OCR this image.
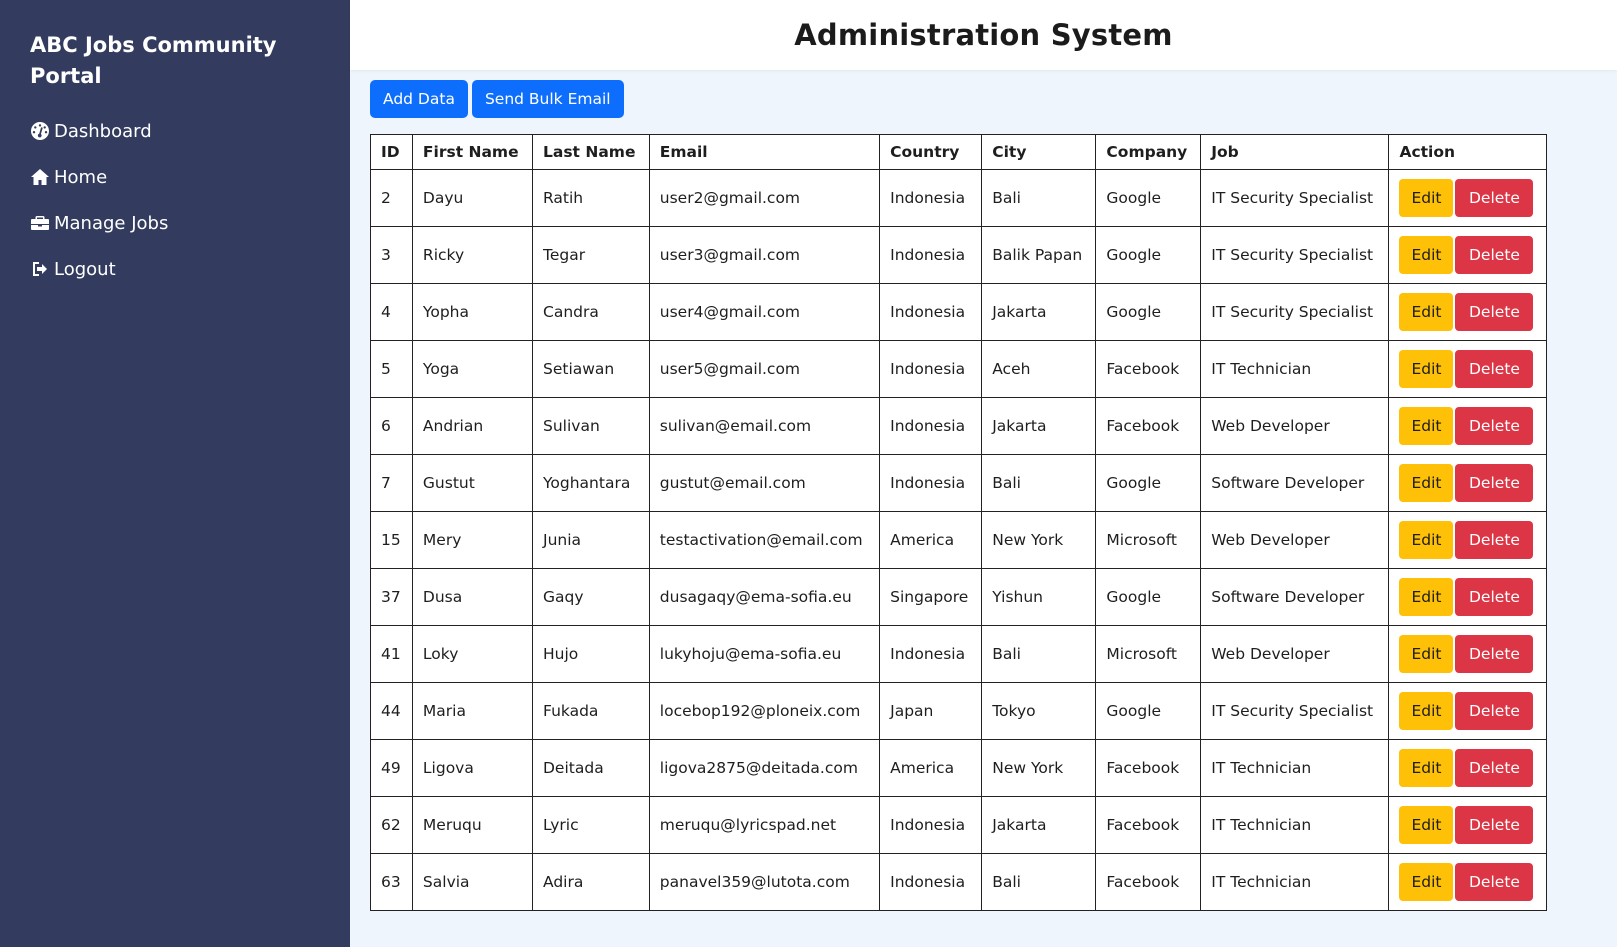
ABC Jobs Community Portal
Dashboard
Home
Manage Jobs
Logout
Administration System
Add Data	Send Bulk Email
ID	First Name	Last Name	Email	Country	City	Company	Job	Action
2	Dayu	Ratih	user2@gmail.com	Indonesia	Bali	Google	IT Security Specialist	Edit Delete
3	Ricky	Tegar	user3@gmail.com	Indonesia	Balik Papan	Google	IT Security Specialist	Edit Delete
4	Yopha	Candra	user4@gmail.com	Indonesia	Jakarta	Google	IT Security Specialist	Edit Delete
5	Yoga	Setiawan	user5@gmail.com	Indonesia	Aceh	Facebook	IT Technician	Edit Delete
6	Andrian	Sulivan	sulivan@email.com	Indonesia	Jakarta	Facebook	Web Developer	Edit Delete
7	Gustut	Yoghantara	gustut@email.com	Indonesia	Bali	Google	Software Developer	Edit Delete
15	Mery	Junia	testactivation@email.com	America	New York	Microsoft	Web Developer	Edit Delete
37	Dusa	Gaqy	dusagaqy@ema-sofia.eu	Singapore	Yishun	Google	Software Developer	Edit Delete
41	Loky	Hujo	lukyhoju@ema-sofia.eu	Indonesia	Bali	Microsoft	Web Developer	Edit Delete
44	Maria	Fukada	locebop192@ploneix.com	Japan	Tokyo	Google	IT Security Specialist	Edit Delete
49	Ligova	Deitada	ligova2875@deitada.com	America	New York	Facebook	IT Technician	Edit Delete
62	Meruqu	Lyric	meruqu@lyricspad.net	Indonesia	Jakarta	Facebook	IT Technician	Edit Delete
63	Salvia	Adira	panavel359@lutota.com	Indonesia	Bali	Facebook	IT Technician	Edit Delete
